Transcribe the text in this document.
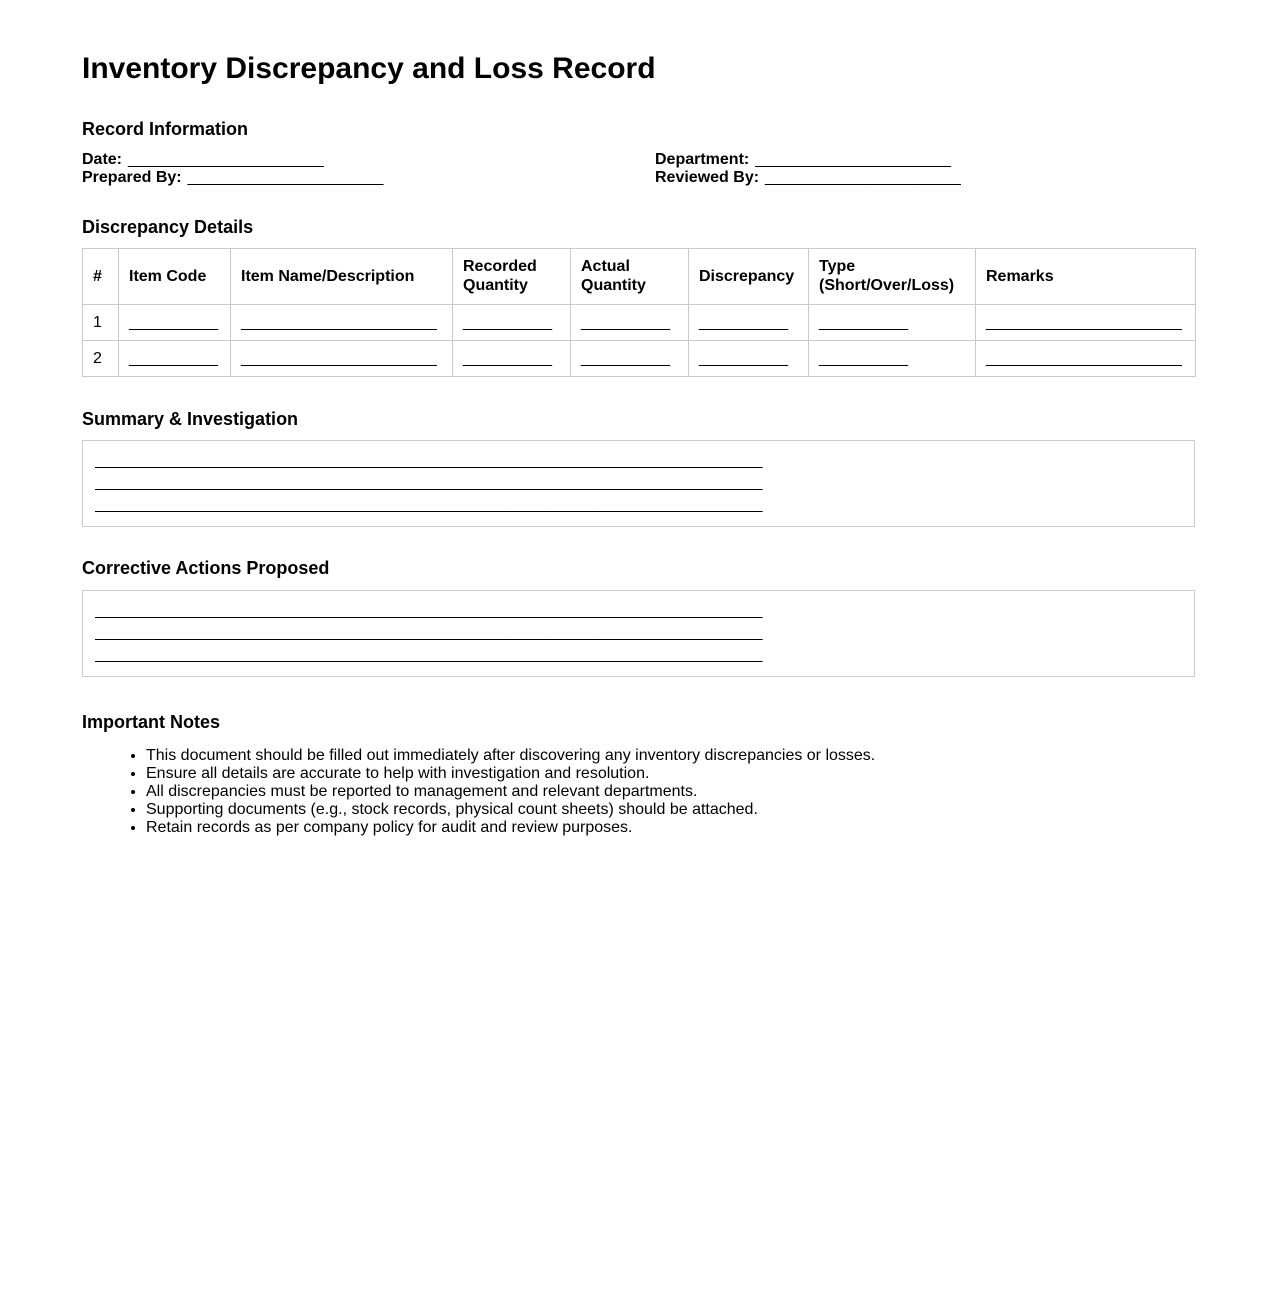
Inventory Discrepancy and Loss Record
Record Information

Date: ______________________

Prepared By: ______________________

Department: ______________________

Reviewed By: ______________________

Discrepancy Details
#	Item Code	Item Name/Description	Recorded Quantity	Actual Quantity	Discrepancy	Type (Short/Over/Loss)	Remarks
1	__________	______________________	__________	__________	__________	__________	______________________
2	__________	______________________	__________	__________	__________	__________	______________________
Summary & Investigation
___________________________________________________________________________
___________________________________________________________________________
___________________________________________________________________________
Corrective Actions Proposed
___________________________________________________________________________
___________________________________________________________________________
___________________________________________________________________________
Important Notes
• This document should be filled out immediately after discovering any inventory discrepancies or losses.
• Ensure all details are accurate to help with investigation and resolution.
• All discrepancies must be reported to management and relevant departments.
• Supporting documents (e.g., stock records, physical count sheets) should be attached.
• Retain records as per company policy for audit and review purposes.
